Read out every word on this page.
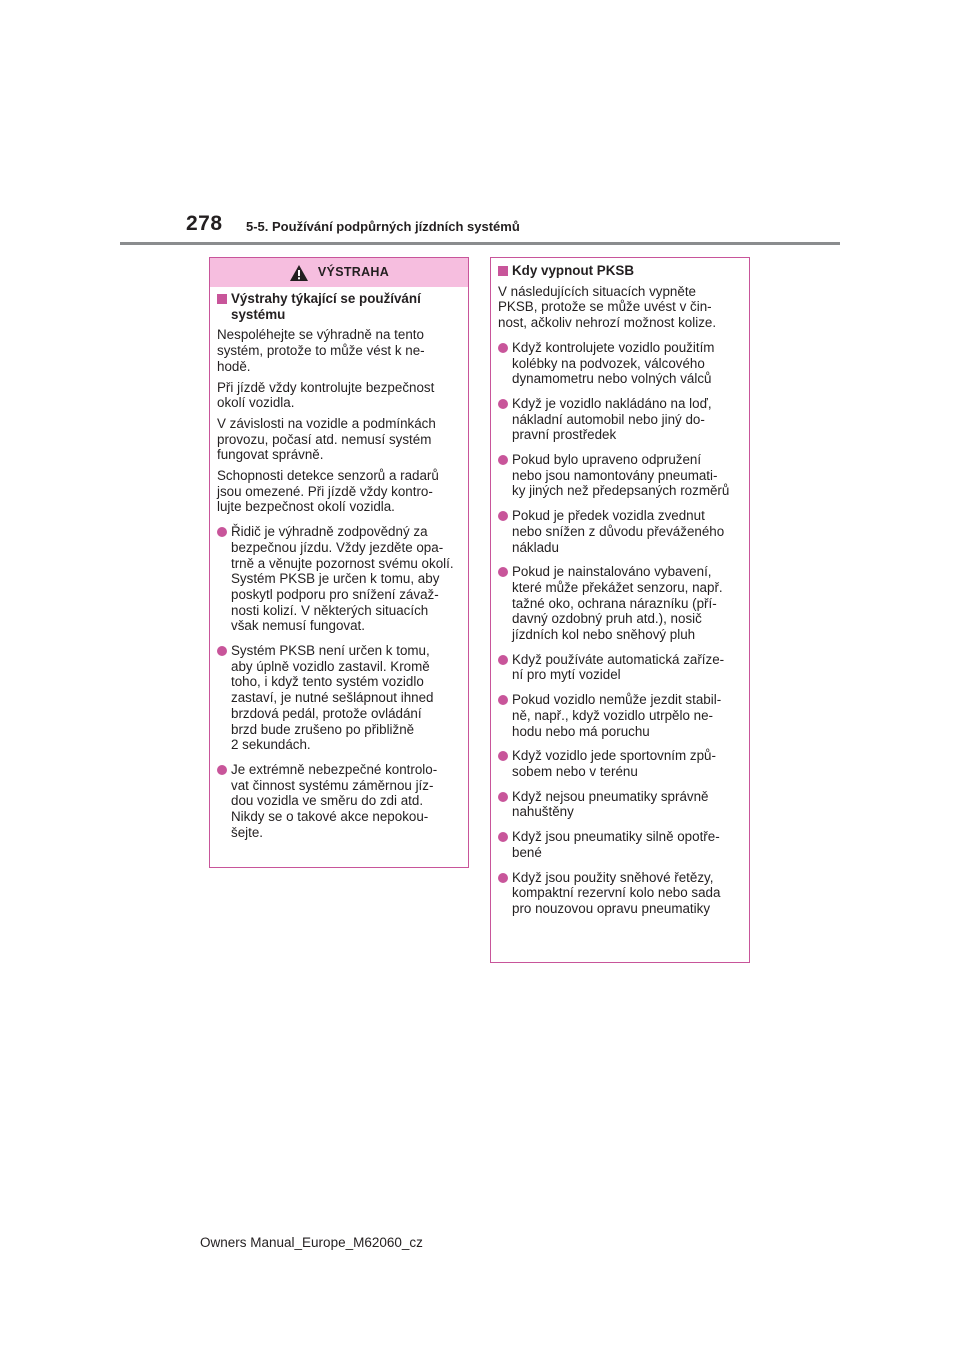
278 5-5. Používání podpůrných jízdních systémů
VÝSTRAHA
Výstrahy týkající se používání
systému
Nespoléhejte se výhradně na tento
systém, protože to může vést k ne-
hodě.
Při jízdě vždy kontrolujte bezpečnost
okolí vozidla.
V závislosti na vozidle a podmínkách
provozu, počasí atd. nemusí systém
fungovat správně.
Schopnosti detekce senzorů a radarů
jsou omezené. Při jízdě vždy kontro-
lujte bezpečnost okolí vozidla.
Řidič je výhradně zodpovědný za
bezpečnou jízdu. Vždy jezděte opa-
trně a věnujte pozornost svému okolí.
Systém PKSB je určen k tomu, aby
poskytl podporu pro snížení závaž-
nosti kolizí. V některých situacích
však nemusí fungovat.
Systém PKSB není určen k tomu,
aby úplně vozidlo zastavil. Kromě
toho, i když tento systém vozidlo
zastaví, je nutné sešlápnout ihned
brzdová pedál, protože ovládání
brzd bude zrušeno po přibližně
2 sekundách.
Je extrémně nebezpečné kontrolo-
vat činnost systému záměrnou jíz-
dou vozidla ve směru do zdi atd.
Nikdy se o takové akce nepokou-
šejte.
Kdy vypnout PKSB
V následujících situacích vypněte
PKSB, protože se může uvést v čin-
nost, ačkoliv nehrozí možnost kolize.
Když kontrolujete vozidlo použitím
kolébky na podvozek, válcového
dynamometru nebo volných válců
Když je vozidlo nakládáno na loď,
nákladní automobil nebo jiný do-
pravní prostředek
Pokud bylo upraveno odpružení
nebo jsou namontovány pneumati-
ky jiných než předepsaných rozměrů
Pokud je předek vozidla zvednut
nebo snížen z důvodu převáženého
nákladu
Pokud je nainstalováno vybavení,
které může překážet senzoru, např.
tažné oko, ochrana nárazníku (pří-
davný ozdobný pruh atd.), nosič
jízdních kol nebo sněhový pluh
Když používáte automatická zaříze-
ní pro mytí vozidel
Pokud vozidlo nemůže jezdit stabil-
ně, např., když vozidlo utrpělo ne-
hodu nebo má poruchu
Když vozidlo jede sportovním způ-
sobem nebo v terénu
Když nejsou pneumatiky správně
nahuštěny
Když jsou pneumatiky silně opotře-
bené
Když jsou použity sněhové řetězy,
kompaktní rezervní kolo nebo sada
pro nouzovou opravu pneumatiky
Owners Manual_Europe_M62060_cz
